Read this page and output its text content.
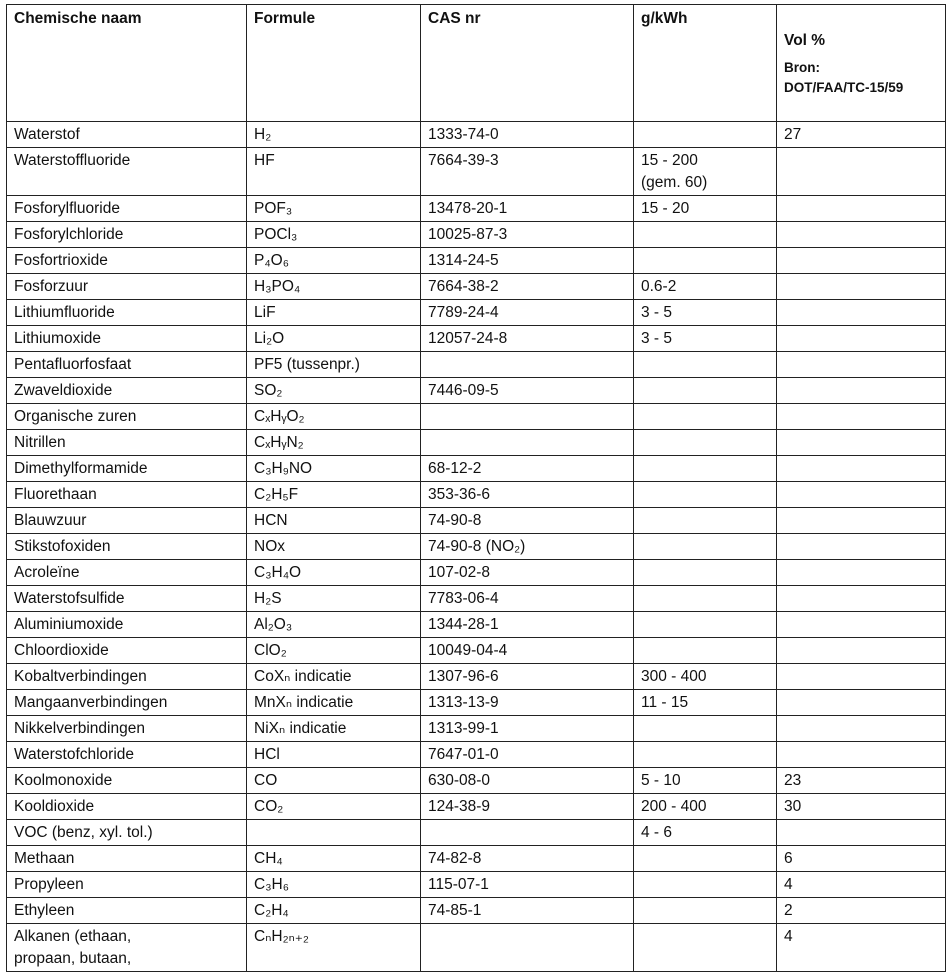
Chemische naam	Formule	CAS nr	g/kWh	Vol %

Bron:
DOT/FAA/TC-15/59

Waterstof	H₂	1333-74-0		27
Waterstoffluoride	HF	7664-39-3	15 - 200
(gem. 60)	
Fosforylfluoride	POF₃	13478-20-1	15 - 20	
Fosforylchloride	POCl₃	10025-87-3		
Fosfortrioxide	P₄O₆	1314-24-5		
Fosforzuur	H₃PO₄	7664-38-2	0.6-2	
Lithiumfluoride	LiF	7789-24-4	3 - 5	
Lithiumoxide	Li₂O	12057-24-8	3 - 5	
Pentafluorfosfaat	PF5 (tussenpr.)			
Zwaveldioxide	SO₂	7446-09-5		
Organische zuren	CₓHᵧO₂			
Nitrillen	CₓHᵧN₂			
Dimethylformamide	C₃H₉NO	68-12-2		
Fluorethaan	C₂H₅F	353-36-6		
Blauwzuur	HCN	74-90-8		
Stikstofoxiden	NOx	74-90-8 (NO₂)		
Acroleïne	C₃H₄O	107-02-8		
Waterstofsulfide	H₂S	7783-06-4		
Aluminiumoxide	Al₂O₃	1344-28-1		
Chloordioxide	ClO₂	10049-04-4		
Kobaltverbindingen	CoXₙ indicatie	1307-96-6	300 - 400	
Mangaanverbindingen	MnXₙ indicatie	1313-13-9	11 - 15	
Nikkelverbindingen	NiXₙ indicatie	1313-99-1		
Waterstofchloride	HCl	7647-01-0		
Koolmonoxide	CO	630-08-0	5 - 10	23
Kooldioxide	CO₂	124-38-9	200 - 400	30
VOC (benz, xyl. tol.)			4 - 6	
Methaan	CH₄	74-82-8		6
Propyleen	C₃H₆	115-07-1		4
Ethyleen	C₂H₄	74-85-1		2
Alkanen (ethaan,
propaan, butaan,	CₙH₂ₙ₊₂			4
